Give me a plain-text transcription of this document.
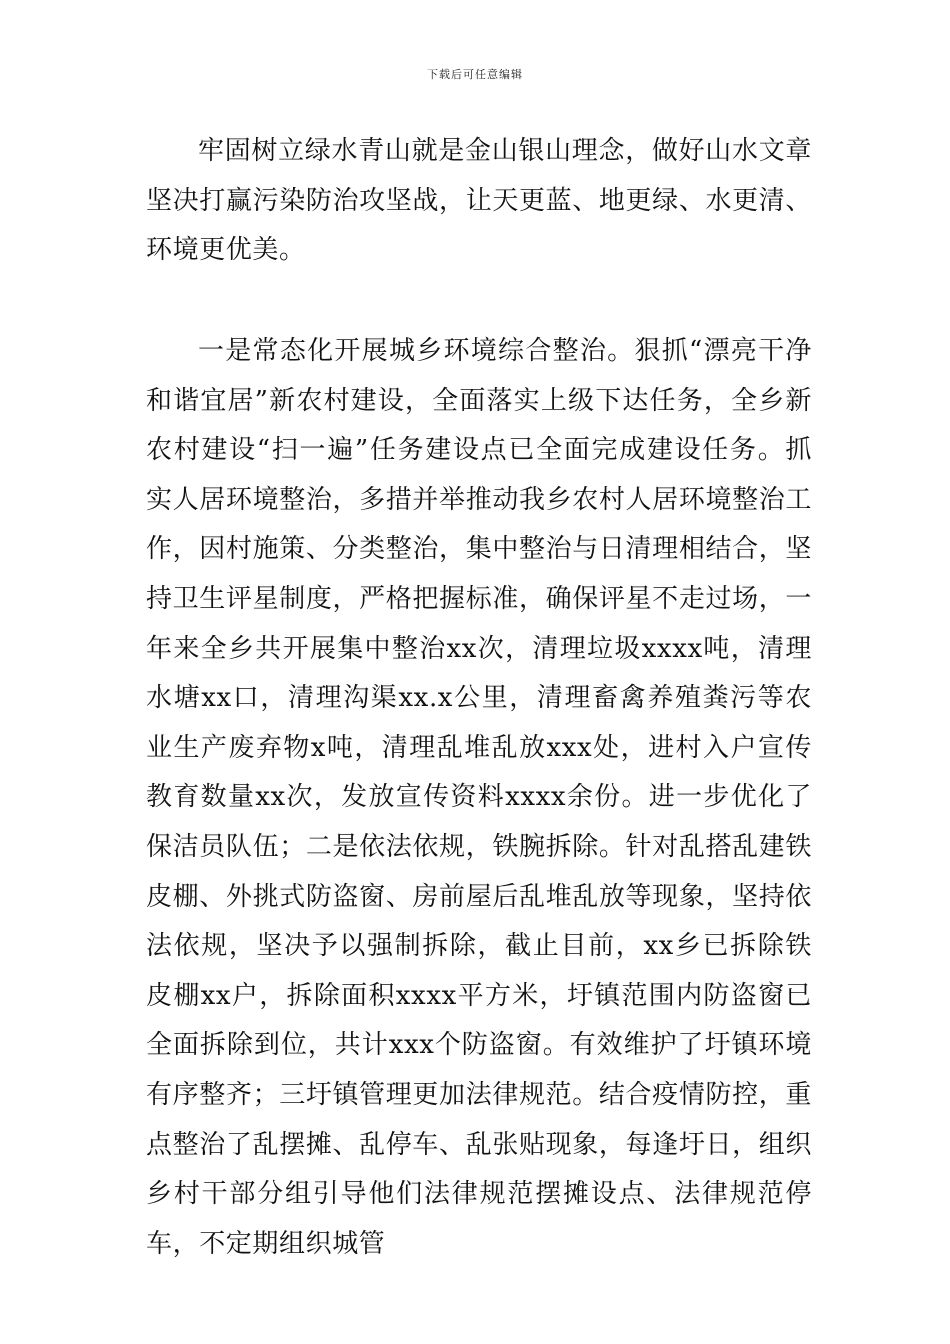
下载后可任意编辑

牢固树立绿水青山就是金山银山理念，做好山水文章坚决打赢污染防治攻坚战，让天更蓝、地更绿、水更清、环境更优美。

一是常态化开展城乡环境综合整治。狠抓“漂亮干净和谐宜居”新农村建设，全面落实上级下达任务，全乡新农村建设“扫一遍”任务建设点已全面完成建设任务。抓实人居环境整治，多措并举推动我乡农村人居环境整治工作，因村施策、分类整治，集中整治与日清理相结合，坚持卫生评星制度，严格把握标准，确保评星不走过场，一年来全乡共开展集中整治xx次，清理垃圾xxxx吨，清理水塘xx口，清理沟渠xx.x公里，清理畜禽养殖粪污等农业生产废弃物x吨，清理乱堆乱放xxx处，进村入户宣传教育数量xx次，发放宣传资料xxxx余份。进一步优化了保洁员队伍；二是依法依规，铁腕拆除。针对乱搭乱建铁皮棚、外挑式防盗窗、房前屋后乱堆乱放等现象，坚持依法依规，坚决予以强制拆除，截止目前，xx乡已拆除铁皮棚xx户，拆除面积xxxx平方米，圩镇范围内防盗窗已全面拆除到位，共计xxx个防盗窗。有效维护了圩镇环境有序整齐；三圩镇管理更加法律规范。结合疫情防控，重点整治了乱摆摊、乱停车、乱张贴现象，每逢圩日，组织乡村干部分组引导他们法律规范摆摊设点、法律规范停车，不定期组织城管
